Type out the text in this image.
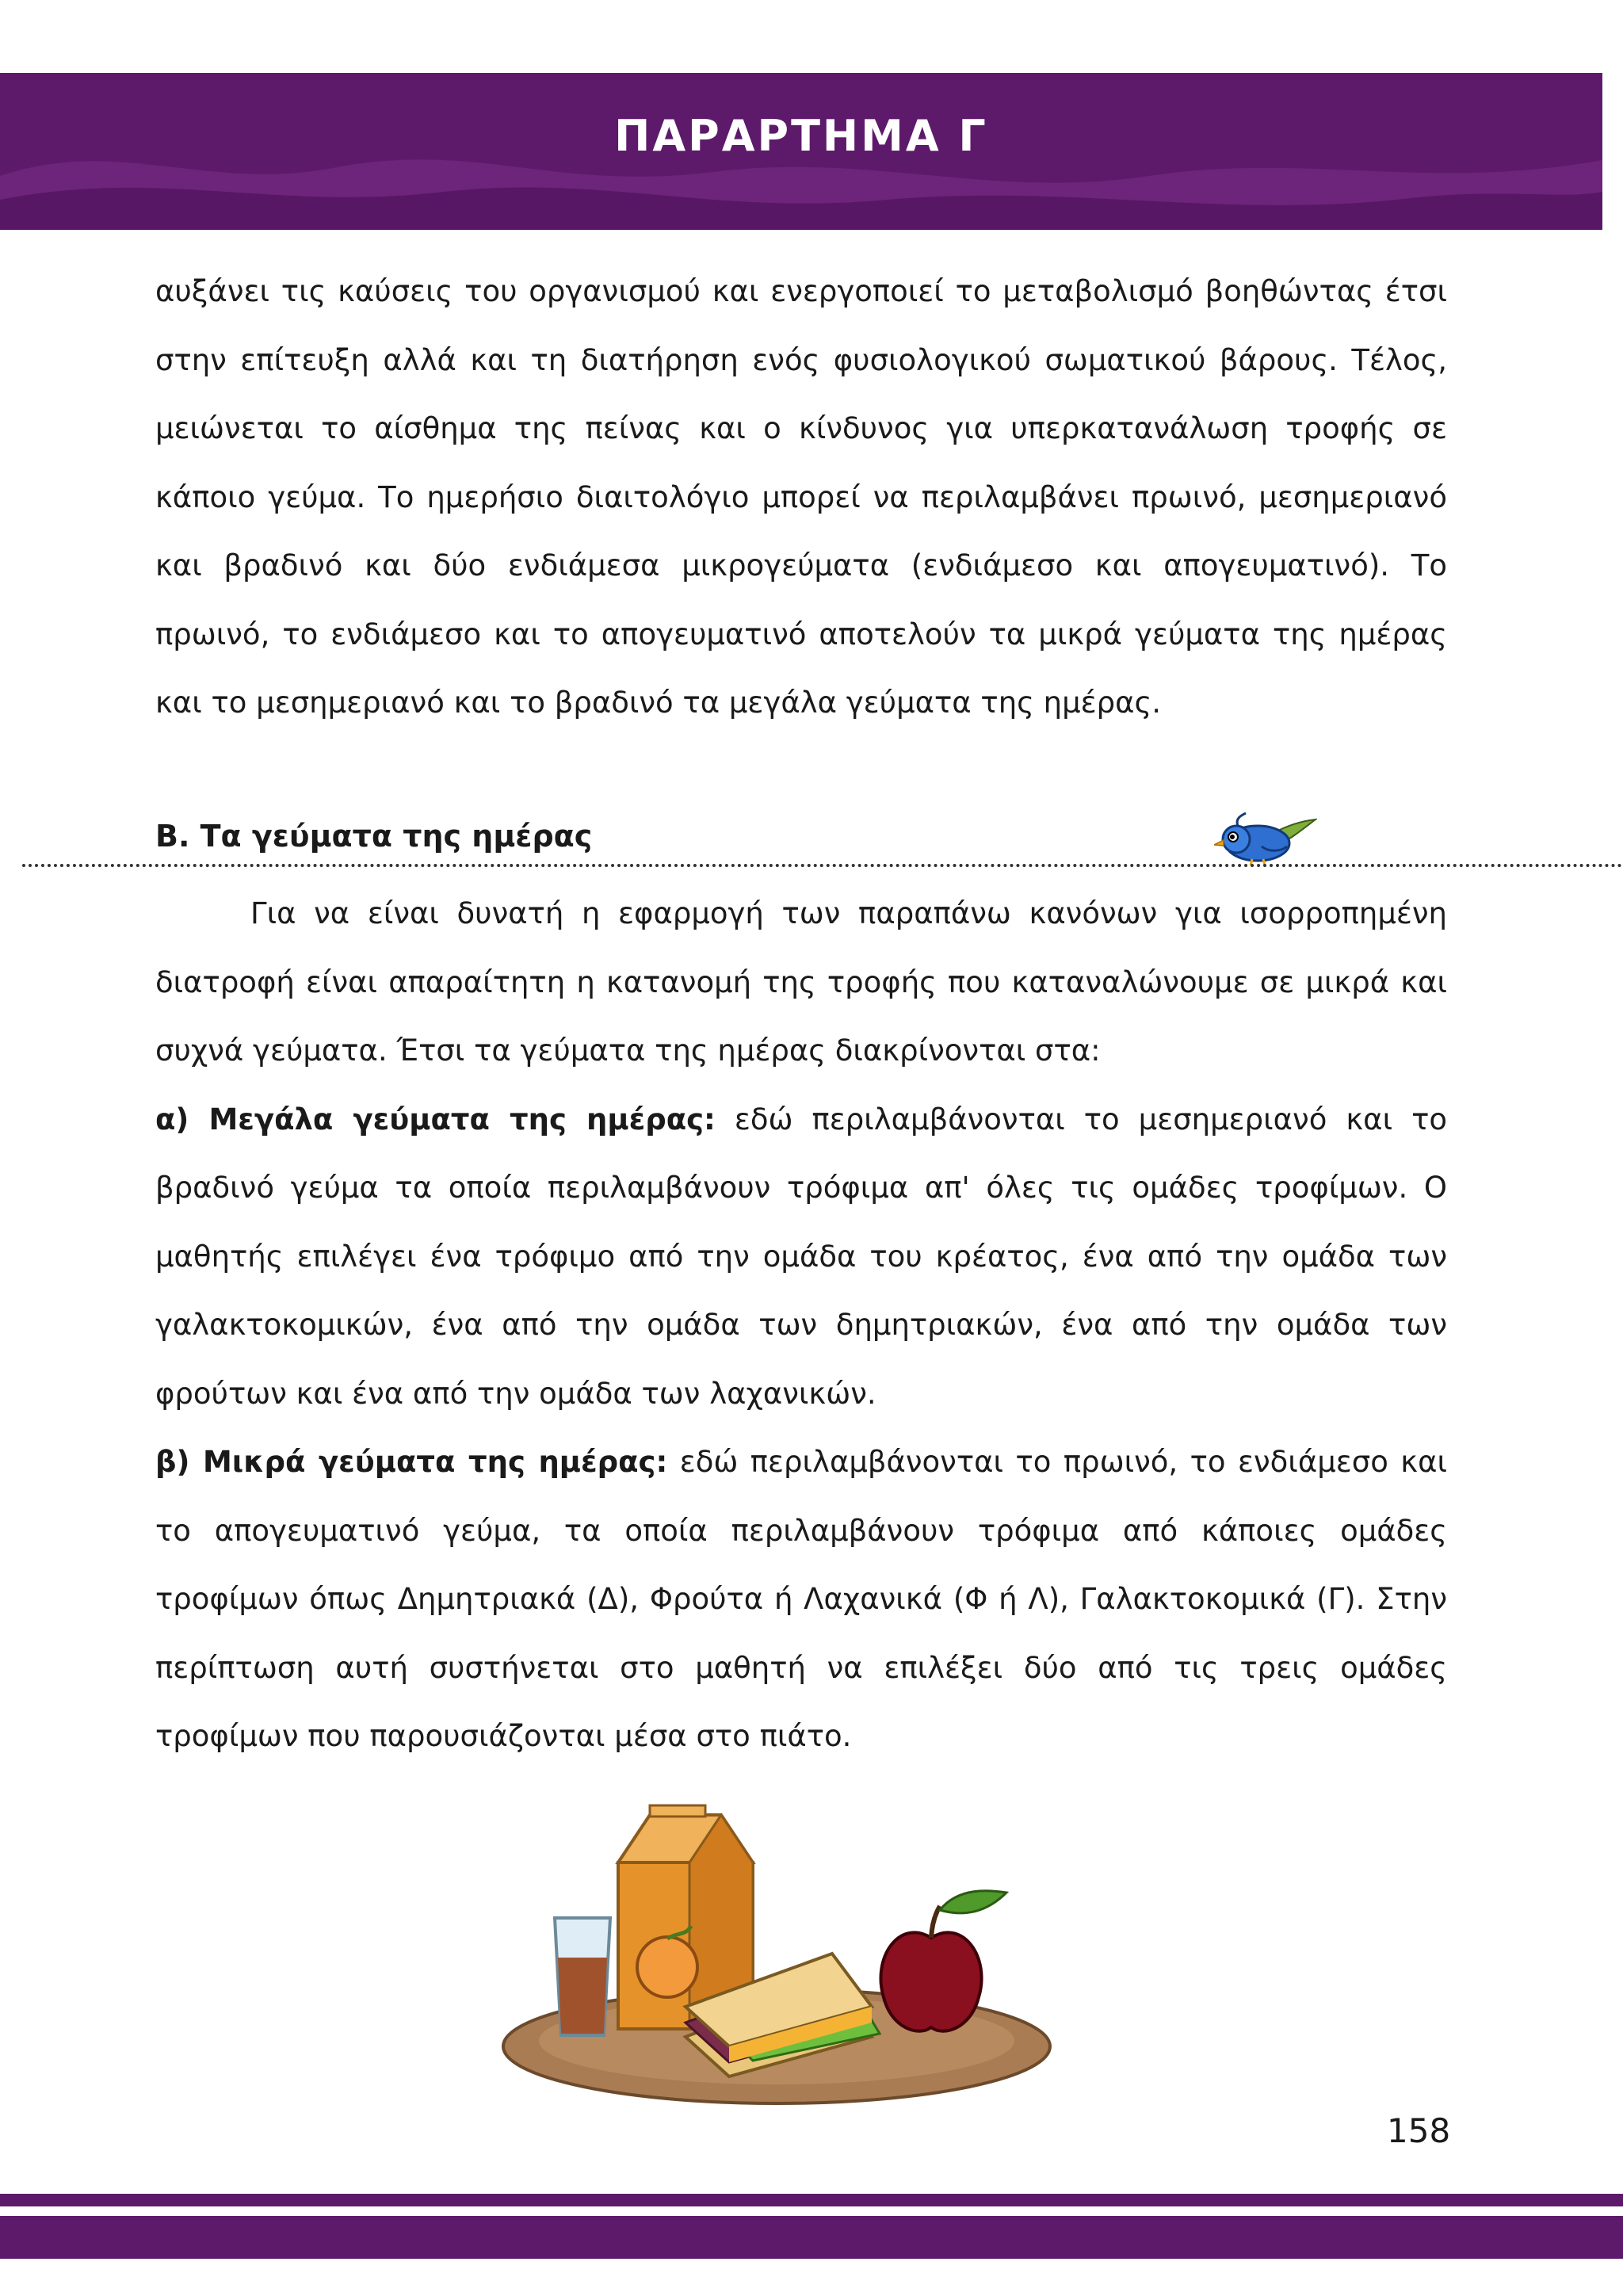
ΠΑΡΑΡΤΗΜΑ Γ

αυξάνει τις καύσεις του οργανισμού και ενεργοποιεί το μεταβολισμό βοηθώντας έτσι στην επίτευξη αλλά και τη διατήρηση ενός φυσιολογικού σωματικού βάρους. Τέλος, μειώνεται το αίσθημα της πείνας και ο κίνδυνος για υπερκατανάλωση τροφής σε κάποιο γεύμα. Το ημερήσιο διαιτολόγιο μπορεί να περιλαμβάνει πρωινό, μεσημεριανό και βραδινό και δύο ενδιάμεσα μικρογεύματα (ενδιάμεσο και απογευματινό). Το πρωινό, το ενδιάμεσο και το απογευματινό αποτελούν τα μικρά γεύματα της ημέρας και το μεσημεριανό και το βραδινό τα μεγάλα γεύματα της ημέρας.

Β. Τα γεύματα της ημέρας

Για να είναι δυνατή η εφαρμογή των παραπάνω κανόνων για ισορροπημένη διατροφή είναι απαραίτητη η κατανομή της τροφής που καταναλώνουμε σε μικρά και συχνά γεύματα. Έτσι τα γεύματα της ημέρας διακρίνονται στα:

α) Μεγάλα γεύματα της ημέρας: εδώ περιλαμβάνονται το μεσημεριανό και το βραδινό γεύμα τα οποία περιλαμβάνουν τρόφιμα απ' όλες τις ομάδες τροφίμων. Ο μαθητής επιλέγει ένα τρόφιμο από την ομάδα του κρέατος, ένα από την ομάδα των γαλακτοκομικών, ένα από την ομάδα των δημητριακών, ένα από την ομάδα των φρούτων και ένα από την ομάδα των λαχανικών.

β) Μικρά γεύματα της ημέρας: εδώ περιλαμβάνονται το πρωινό, το ενδιάμεσο και το απογευματινό γεύμα, τα οποία περιλαμβάνουν τρόφιμα από κάποιες ομάδες τροφίμων όπως Δημητριακά (Δ), Φρούτα ή Λαχανικά (Φ ή Λ), Γαλακτοκομικά (Γ). Στην περίπτωση αυτή συστήνεται στο μαθητή να επιλέξει δύο από τις τρεις ομάδες τροφίμων που παρουσιάζονται μέσα στο πιάτο.

158
